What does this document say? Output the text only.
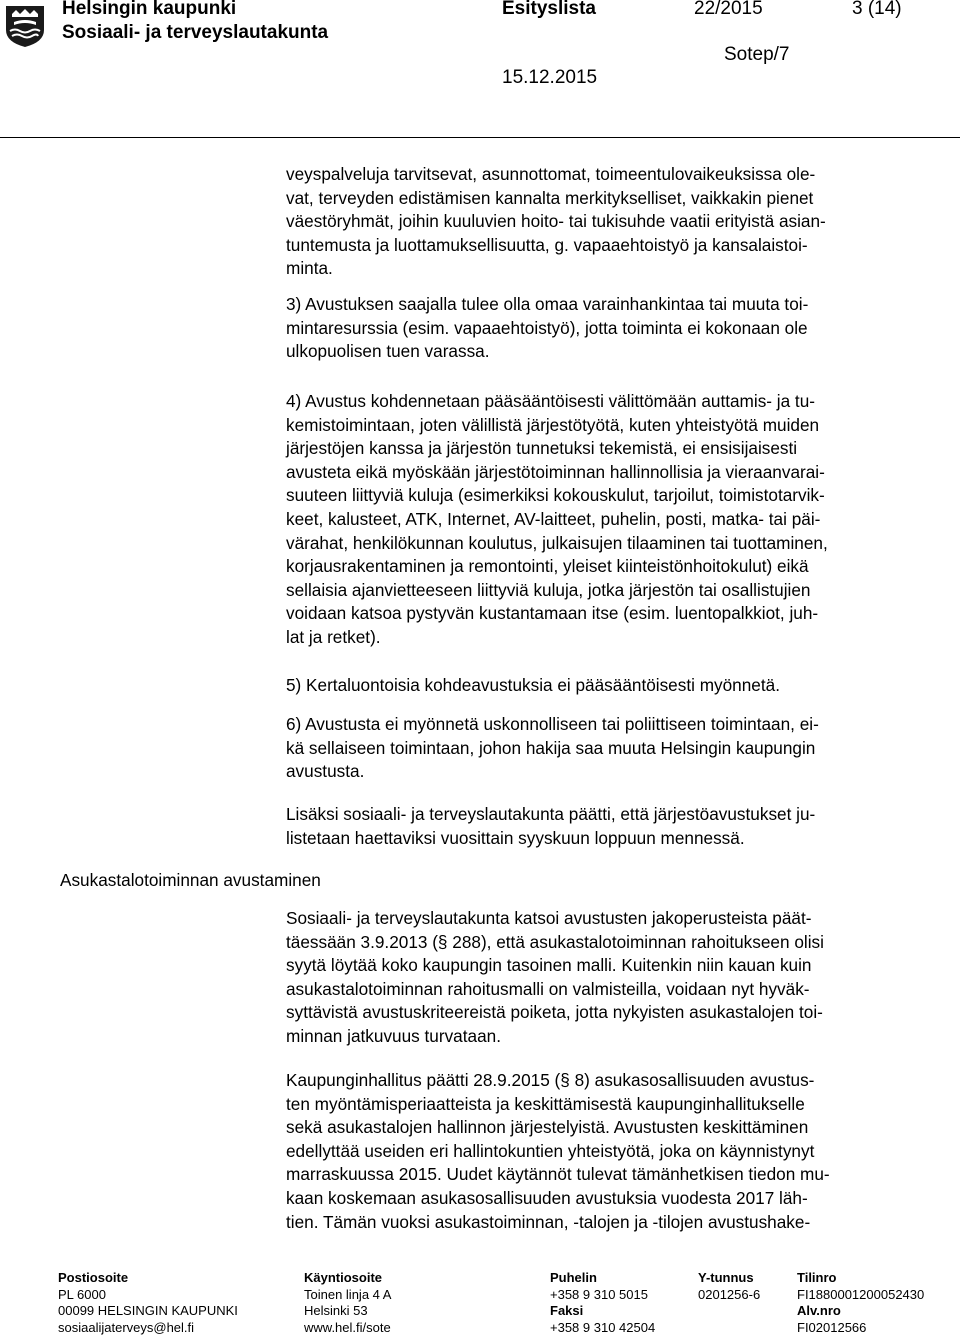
Helsingin kaupunki
Sosiaali- ja terveyslautakunta
Esityslista	22/2015	3 (14)
Sotep/7
15.12.2015
Asukastalotoiminnan avustaminen
veyspalveluja tarvitsevat, asunnottomat, toimeentulovaikeuksissa ole-
vat, terveyden edistämisen kannalta merkitykselliset, vaikkakin pienet
väestöryhmät, joihin kuuluvien hoito- tai tukisuhde vaatii erityistä asian-
tuntemusta ja luottamuksellisuutta, g. vapaaehtoistyö ja kansalaistoi-
minta.
3) Avustuksen saajalla tulee olla omaa varainhankintaa tai muuta toi-
mintaresurssia (esim. vapaaehtoistyö), jotta toiminta ei kokonaan ole
ulkopuolisen tuen varassa.
4) Avustus kohdennetaan pääsääntöisesti välittömään auttamis- ja tu-
kemistoimintaan, joten välillistä järjestötyötä, kuten yhteistyötä muiden
järjestöjen kanssa ja järjestön tunnetuksi tekemistä, ei ensisijaisesti
avusteta eikä myöskään järjestötoiminnan hallinnollisia ja vieraanvarai-
suuteen liittyviä kuluja (esimerkiksi kokouskulut, tarjoilut, toimistotarvik-
keet, kalusteet, ATK, Internet, AV-laitteet, puhelin, posti, matka- tai päi-
värahat, henkilökunnan koulutus, julkaisujen tilaaminen tai tuottaminen,
korjausrakentaminen ja remontointi, yleiset kiinteistönhoitokulut) eikä
sellaisia ajanvietteeseen liittyviä kuluja, jotka järjestön tai osallistujien
voidaan katsoa pystyvän kustantamaan itse (esim. luentopalkkiot, juh-
lat ja retket).
5) Kertaluontoisia kohdeavustuksia ei pääsääntöisesti myönnetä.
6) Avustusta ei myönnetä uskonnolliseen tai poliittiseen toimintaan, ei-
kä sellaiseen toimintaan, johon hakija saa muuta Helsingin kaupungin
avustusta.
Lisäksi sosiaali- ja terveyslautakunta päätti, että järjestöavustukset ju-
listetaan haettaviksi vuosittain syyskuun loppuun mennessä.
Sosiaali- ja terveyslautakunta katsoi avustusten jakoperusteista päät-
täessään 3.9.2013 (§ 288), että asukastalotoiminnan rahoitukseen olisi
syytä löytää koko kaupungin tasoinen malli. Kuitenkin niin kauan kuin
asukastalotoiminnan rahoitusmalli on valmisteilla, voidaan nyt hyväk-
syttävistä avustuskriteereistä poiketa, jotta nykyisten asukastalojen toi-
minnan jatkuvuus turvataan.
Kaupunginhallitus päätti 28.9.2015 (§ 8) asukasosallisuuden avustus-
ten myöntämisperiaatteista ja keskittämisestä kaupunginhallitukselle
sekä asukastalojen hallinnon järjestelyistä. Avustusten keskittäminen
edellyttää useiden eri hallintokuntien yhteistyötä, joka on käynnistynyt
marraskuussa 2015. Uudet käytännöt tulevat tämänhetkisen tiedon mu-
kaan koskemaan asukasosallisuuden avustuksia vuodesta 2017 läh-
tien. Tämän vuoksi asukastoiminnan, -talojen ja -tilojen avustushake-
Postiosoite
PL 6000
00099 HELSINGIN KAUPUNKI
sosiaalijaterveys@hel.fi
Käyntiosoite
Toinen linja 4 A
Helsinki 53
www.hel.fi/sote
Puhelin
+358 9 310 5015
Faksi
+358 9 310 42504
Y-tunnus
0201256-6
Tilinro
FI1880001200052430
Alv.nro
FI02012566
